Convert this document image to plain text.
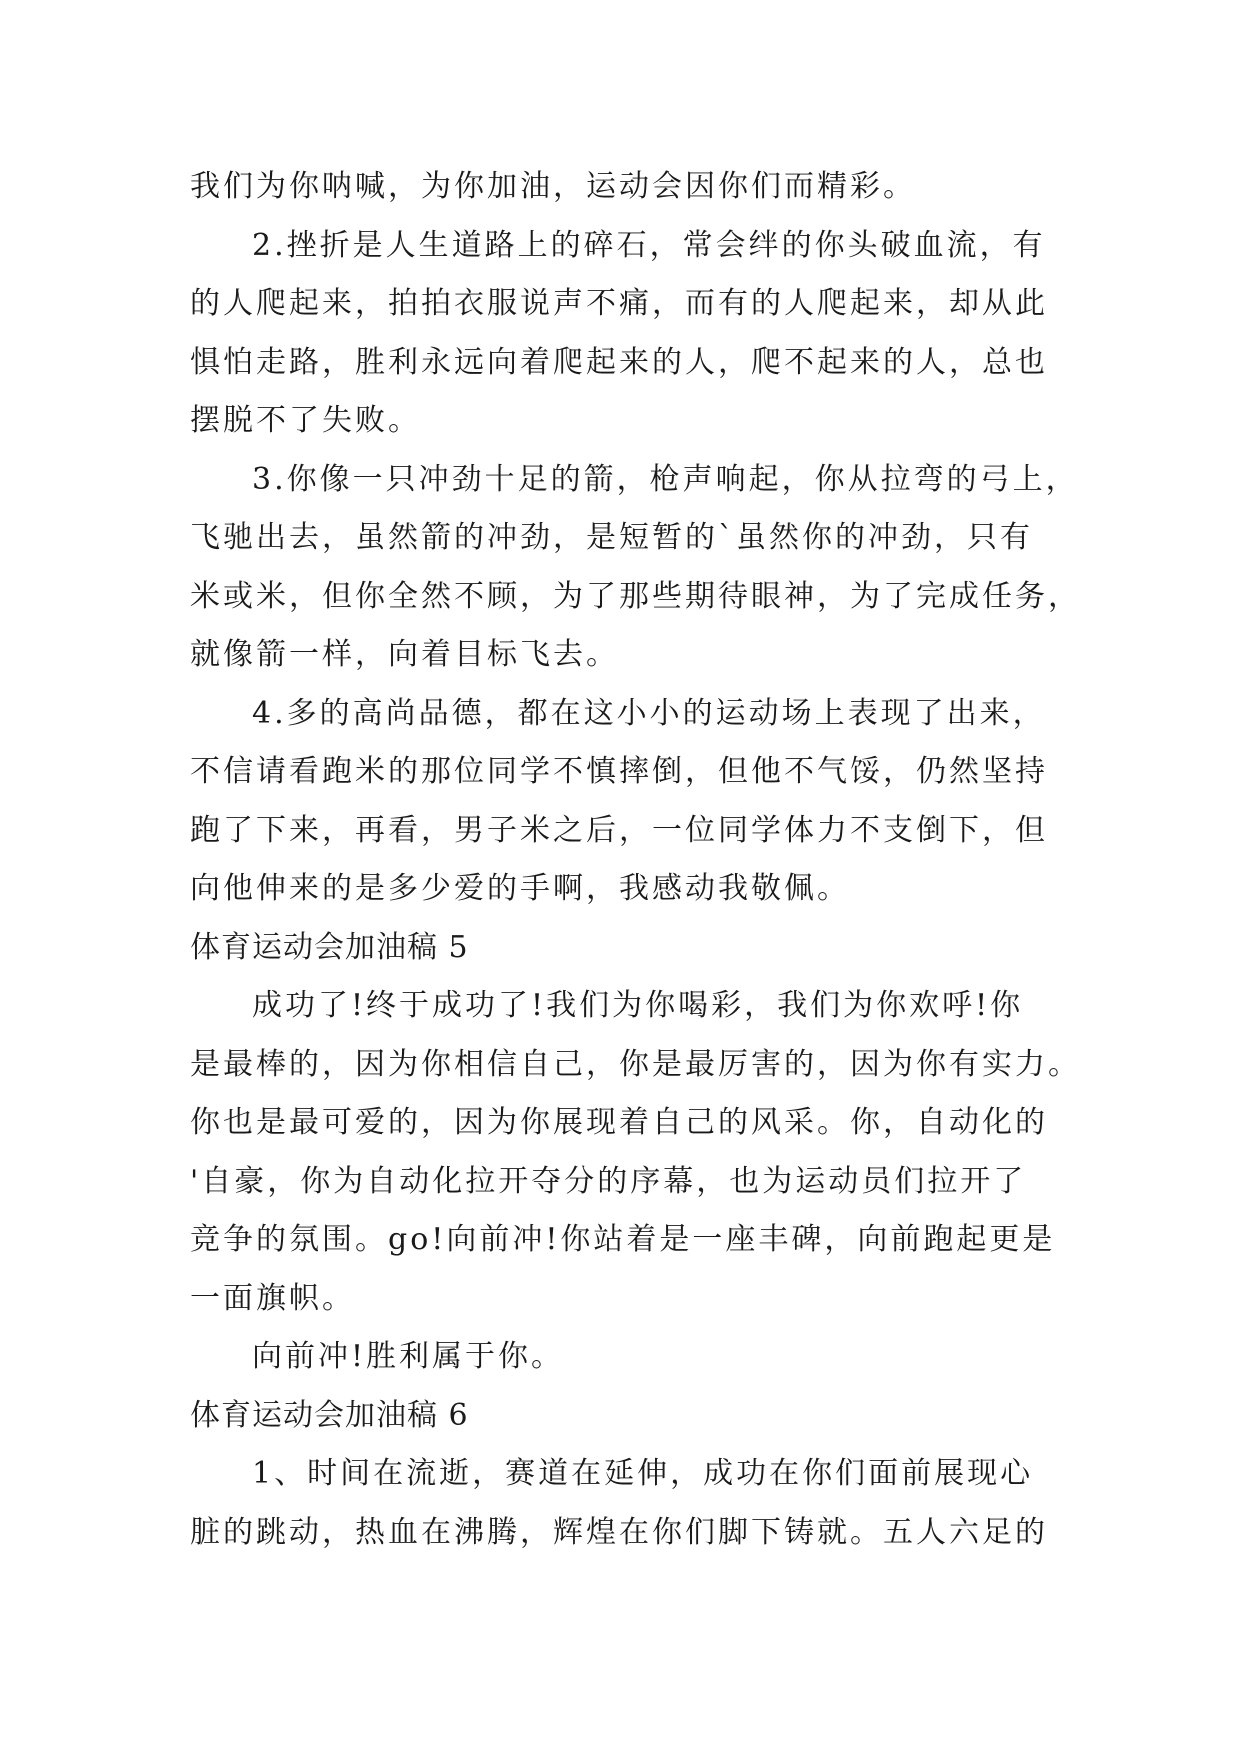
我们为你呐喊，为你加油，运动会因你们而精彩。
2.挫折是人生道路上的碎石，常会绊的你头破血流，有
的人爬起来，拍拍衣服说声不痛，而有的人爬起来，却从此
惧怕走路，胜利永远向着爬起来的人，爬不起来的人，总也
摆脱不了失败。
3.你像一只冲劲十足的箭，枪声响起，你从拉弯的弓上，
飞驰出去，虽然箭的冲劲，是短暂的`虽然你的冲劲，只有
米或米，但你全然不顾，为了那些期待眼神，为了完成任务，
就像箭一样，向着目标飞去。
4.多的高尚品德，都在这小小的运动场上表现了出来，
不信请看跑米的那位同学不慎摔倒，但他不气馁，仍然坚持
跑了下来，再看，男子米之后，一位同学体力不支倒下，但
向他伸来的是多少爱的手啊，我感动我敬佩。
体育运动会加油稿 5
成功了!终于成功了!我们为你喝彩，我们为你欢呼!你
是最棒的，因为你相信自己，你是最厉害的，因为你有实力。
你也是最可爱的，因为你展现着自己的风采。你，自动化的
'自豪，你为自动化拉开夺分的序幕，也为运动员们拉开了
竞争的氛围。go!向前冲!你站着是一座丰碑，向前跑起更是
一面旗帜。
向前冲!胜利属于你。
体育运动会加油稿 6
1、时间在流逝，赛道在延伸，成功在你们面前展现心
脏的跳动，热血在沸腾，辉煌在你们脚下铸就。五人六足的
